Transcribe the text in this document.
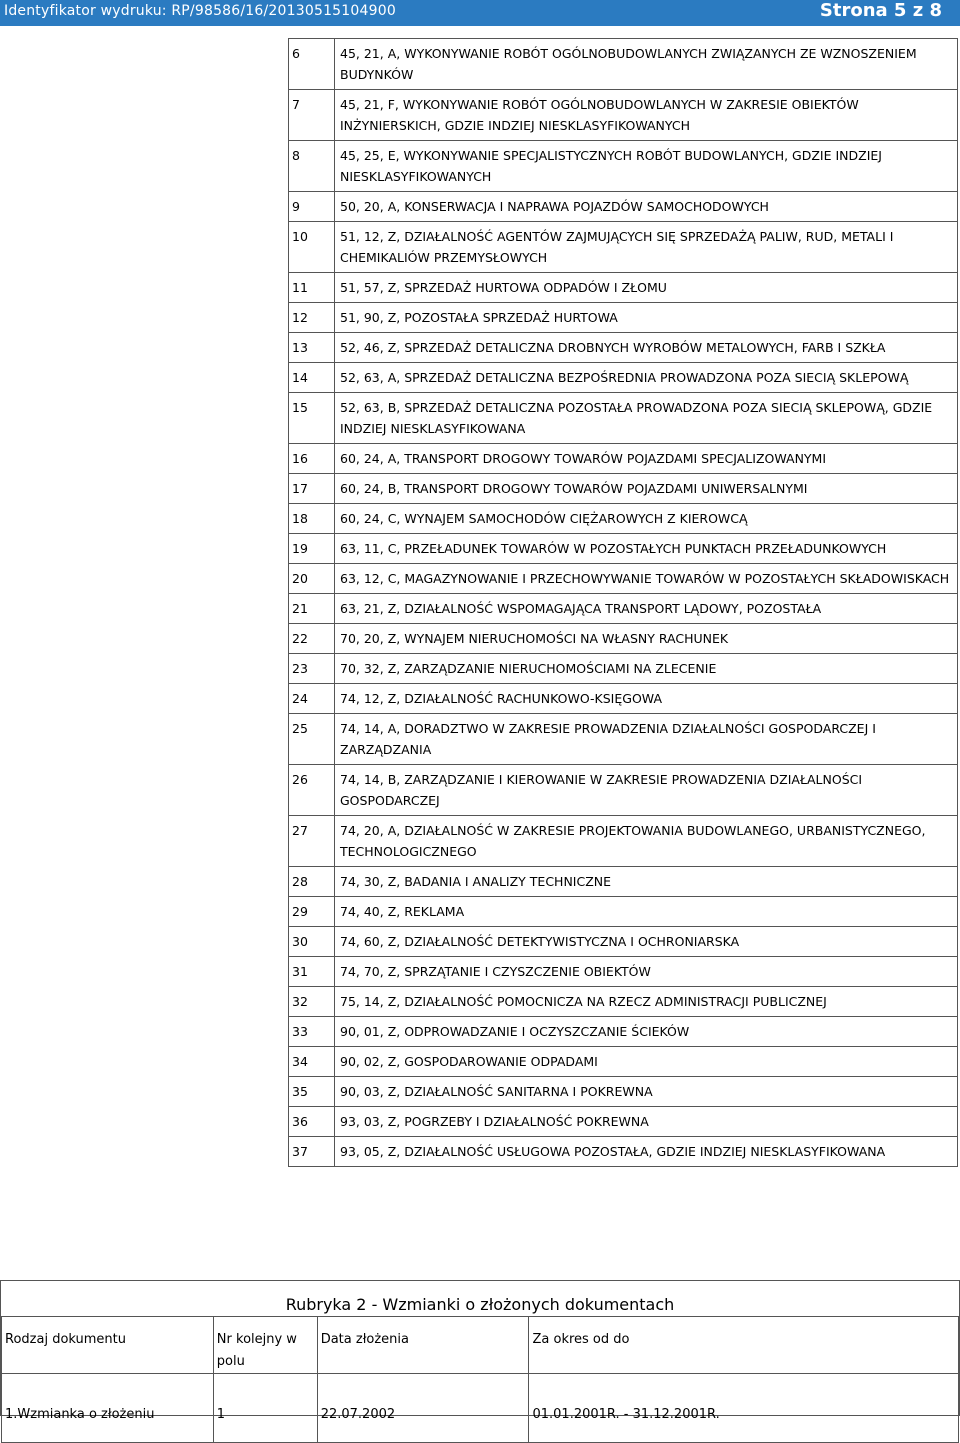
Identyfikator wydruku: RP/98586/16/20130515104900	Strona 5 z 8
6	45, 21, A, WYKONYWANIE ROBÓT OGÓLNOBUDOWLANYCH ZWIĄZANYCH ZE WZNOSZENIEM BUDYNKÓW
7	45, 21, F, WYKONYWANIE ROBÓT OGÓLNOBUDOWLANYCH W ZAKRESIE OBIEKTÓW INŻYNIERSKICH, GDZIE INDZIEJ NIESKLASYFIKOWANYCH
8	45, 25, E, WYKONYWANIE SPECJALISTYCZNYCH ROBÓT BUDOWLANYCH, GDZIE INDZIEJ NIESKLASYFIKOWANYCH
9	50, 20, A, KONSERWACJA I NAPRAWA POJAZDÓW SAMOCHODOWYCH
10	51, 12, Z, DZIAŁALNOŚĆ AGENTÓW ZAJMUJĄCYCH SIĘ SPRZEDAŻĄ PALIW, RUD, METALI I CHEMIKALIÓW PRZEMYSŁOWYCH
11	51, 57, Z, SPRZEDAŻ HURTOWA ODPADÓW I ZŁOMU
12	51, 90, Z, POZOSTAŁA SPRZEDAŻ HURTOWA
13	52, 46, Z, SPRZEDAŻ DETALICZNA DROBNYCH WYROBÓW METALOWYCH, FARB I SZKŁA
14	52, 63, A, SPRZEDAŻ DETALICZNA BEZPOŚREDNIA PROWADZONA POZA SIECIĄ SKLEPOWĄ
15	52, 63, B, SPRZEDAŻ DETALICZNA POZOSTAŁA PROWADZONA POZA SIECIĄ SKLEPOWĄ, GDZIE INDZIEJ NIESKLASYFIKOWANA
16	60, 24, A, TRANSPORT DROGOWY TOWARÓW POJAZDAMI SPECJALIZOWANYMI
17	60, 24, B, TRANSPORT DROGOWY TOWARÓW POJAZDAMI UNIWERSALNYMI
18	60, 24, C, WYNAJEM SAMOCHODÓW CIĘŻAROWYCH Z KIEROWCĄ
19	63, 11, C, PRZEŁADUNEK TOWARÓW W POZOSTAŁYCH PUNKTACH PRZEŁADUNKOWYCH
20	63, 12, C, MAGAZYNOWANIE I PRZECHOWYWANIE TOWARÓW W POZOSTAŁYCH SKŁADOWISKACH
21	63, 21, Z, DZIAŁALNOŚĆ WSPOMAGAJĄCA TRANSPORT LĄDOWY, POZOSTAŁA
22	70, 20, Z, WYNAJEM NIERUCHOMOŚCI NA WŁASNY RACHUNEK
23	70, 32, Z, ZARZĄDZANIE NIERUCHOMOŚCIAMI NA ZLECENIE
24	74, 12, Z, DZIAŁALNOŚĆ RACHUNKOWO-KSIĘGOWA
25	74, 14, A, DORADZTWO W ZAKRESIE PROWADZENIA DZIAŁALNOŚCI GOSPODARCZEJ I ZARZĄDZANIA
26	74, 14, B, ZARZĄDZANIE I KIEROWANIE W ZAKRESIE PROWADZENIA DZIAŁALNOŚCI GOSPODARCZEJ
27	74, 20, A, DZIAŁALNOŚĆ W ZAKRESIE PROJEKTOWANIA BUDOWLANEGO, URBANISTYCZNEGO, TECHNOLOGICZNEGO
28	74, 30, Z, BADANIA I ANALIZY TECHNICZNE
29	74, 40, Z, REKLAMA
30	74, 60, Z, DZIAŁALNOŚĆ DETEKTYWISTYCZNA I OCHRONIARSKA
31	74, 70, Z, SPRZĄTANIE I CZYSZCZENIE OBIEKTÓW
32	75, 14, Z, DZIAŁALNOŚĆ POMOCNICZA NA RZECZ ADMINISTRACJI PUBLICZNEJ
33	90, 01, Z, ODPROWADZANIE I OCZYSZCZANIE ŚCIEKÓW
34	90, 02, Z, GOSPODAROWANIE ODPADAMI
35	90, 03, Z, DZIAŁALNOŚĆ SANITARNA I POKREWNA
36	93, 03, Z, POGRZEBY I DZIAŁALNOŚĆ POKREWNA
37	93, 05, Z, DZIAŁALNOŚĆ USŁUGOWA POZOSTAŁA, GDZIE INDZIEJ NIESKLASYFIKOWANA
Rubryka 2 - Wzmianki o złożonych dokumentach
Rodzaj dokumentu	Nr kolejny w polu	Data złożenia	Za okres od do
1.Wzmianka o złożeniu	1	22.07.2002	01.01.2001R. - 31.12.2001R.
